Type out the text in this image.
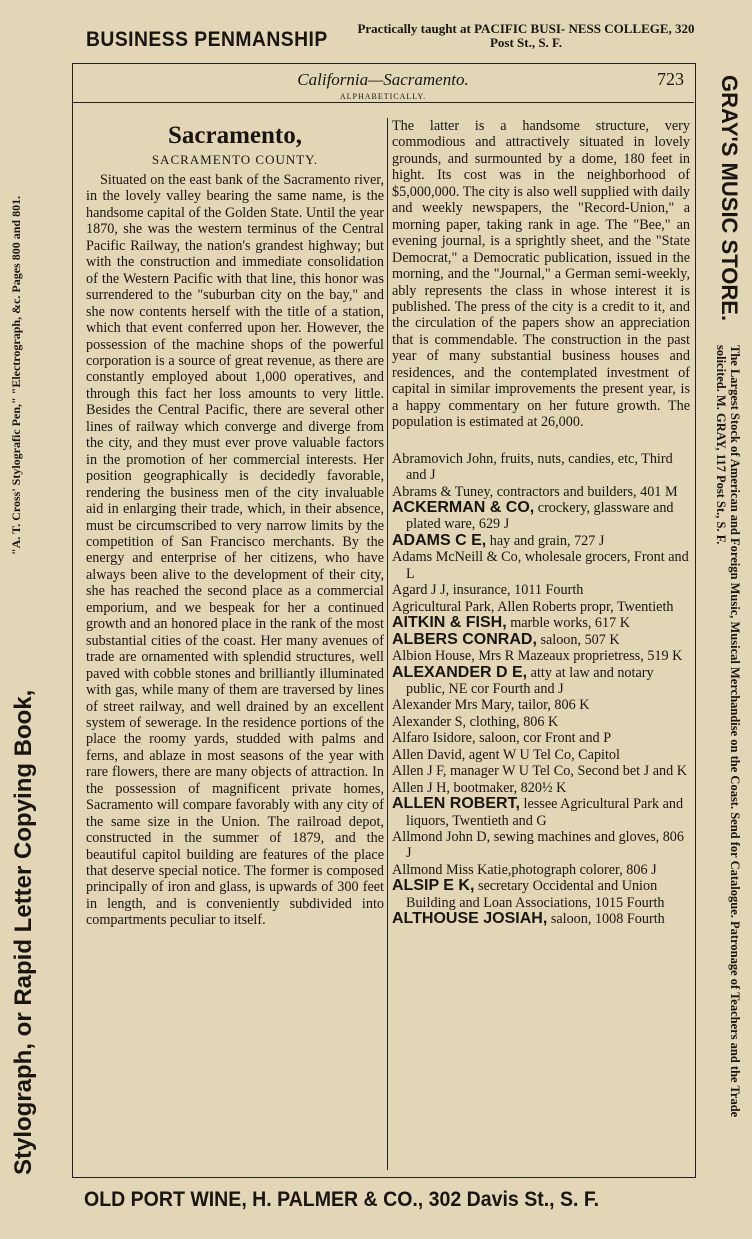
BUSINESS PENMANSHIP Practically taught at PACIFIC BUSI- NESS COLLEGE, 320 Post St., S. F.
California—Sacramento.	723
ALPHABETICALLY.
Sacramento,
SACRAMENTO COUNTY.
Situated on the east bank of the Sacramento river, in the lovely valley bearing the same name, is the handsome capital of the Golden State. Until the year 1870, she was the western terminus of the Central Pacific Railway, the nation's grandest highway; but with the construction and immediate consolidation of the Western Pacific with that line, this honor was surrendered to the "suburban city on the bay," and she now contents herself with the title of a station, which that event conferred upon her. However, the possession of the machine shops of the powerful corporation is a source of great revenue, as there are constantly employed about 1,000 operatives, and through this fact her loss amounts to very little. Besides the Central Pacific, there are several other lines of railway which converge and diverge from the city, and they must ever prove valuable factors in the promotion of her commercial interests. Her position geographically is decidedly favorable, rendering the business men of the city invaluable aid in enlarging their trade, which, in their absence, must be circumscribed to very narrow limits by the competition of San Francisco merchants. By the energy and enterprise of her citizens, who have always been alive to the development of their city, she has reached the second place as a commercial emporium, and we bespeak for her a continued growth and an honored place in the rank of the most substantial cities of the coast. Her many avenues of trade are ornamented with splendid structures, well paved with cobble stones and brilliantly illuminated with gas, while many of them are traversed by lines of street railway, and well drained by an excellent system of sewerage. In the residence portions of the place the roomy yards, studded with palms and ferns, and ablaze in most seasons of the year with rare flowers, there are many objects of attraction. In the possession of magnificent private homes, Sacramento will compare favorably with any city of the same size in the Union. The railroad depot, constructed in the summer of 1879, and the beautiful capitol building are features of the place that deserve special notice. The former is composed principally of iron and glass, is upwards of 300 feet in length, and is conveniently subdivided into compartments peculiar to itself.
The latter is a handsome structure, very commodious and attractively situated in lovely grounds, and surmounted by a dome, 180 feet in hight. Its cost was in the neighborhood of $5,000,000. The city is also well supplied with daily and weekly newspapers, the "Record-Union," a morning paper, taking rank in age. The "Bee," an evening journal, is a sprightly sheet, and the "State Democrat," a Democratic publication, issued in the morning, and the "Journal," a German semi-weekly, ably represents the class in whose interest it is published. The press of the city is a credit to it, and the circulation of the papers show an appreciation that is commendable. The construction in the past year of many substantial business houses and residences, and the contemplated investment of capital in similar improvements the present year, is a happy commentary on her future growth. The population is estimated at 26,000.
Abramovich John, fruits, nuts, candies, etc, Third and J
Abrams & Tuney, contractors and builders, 401 M
ACKERMAN & CO, crockery, glassware and plated ware, 629 J
ADAMS C E, hay and grain, 727 J
Adams McNeill & Co, wholesale grocers, Front and L
Agard J J, insurance, 1011 Fourth
Agricultural Park, Allen Roberts propr, Twentieth
AITKIN & FISH, marble works, 617 K
ALBERS CONRAD, saloon, 507 K
Albion House, Mrs R Mazeaux proprietress, 519 K
ALEXANDER D E, atty at law and notary public, NE cor Fourth and J
Alexander Mrs Mary, tailor, 806 K
Alexander S, clothing, 806 K
Alfaro Isidore, saloon, cor Front and P
Allen David, agent W U Tel Co, Capitol
Allen J F, manager W U Tel Co, Second bet J and K
Allen J H, bootmaker, 820½ K
ALLEN ROBERT, lessee Agricultural Park and liquors, Twentieth and G
Allmond John D, sewing machines and gloves, 806 J
Allmond Miss Katie,photograph colorer, 806 J
ALSIP E K, secretary Occidental and Union Building and Loan Associations, 1015 Fourth
ALTHOUSE JOSIAH, saloon, 1008 Fourth
Stylograph, or Rapid Letter Copying Book,
"A. T. Cross' Stylografic Pen," "Electrograph, &c. Pages 800 and 801.	GRAY'S MUSIC STORE.
The Largest Stock of American and Foreign Music, Musical Merchandise on the Coast. Send for Catalogue. Patronage of Teachers and the Trade solicited. M. GRAY, 117 Post St., S. F.
OLD PORT WINE, H. PALMER & CO., 302 Davis St., S. F.
